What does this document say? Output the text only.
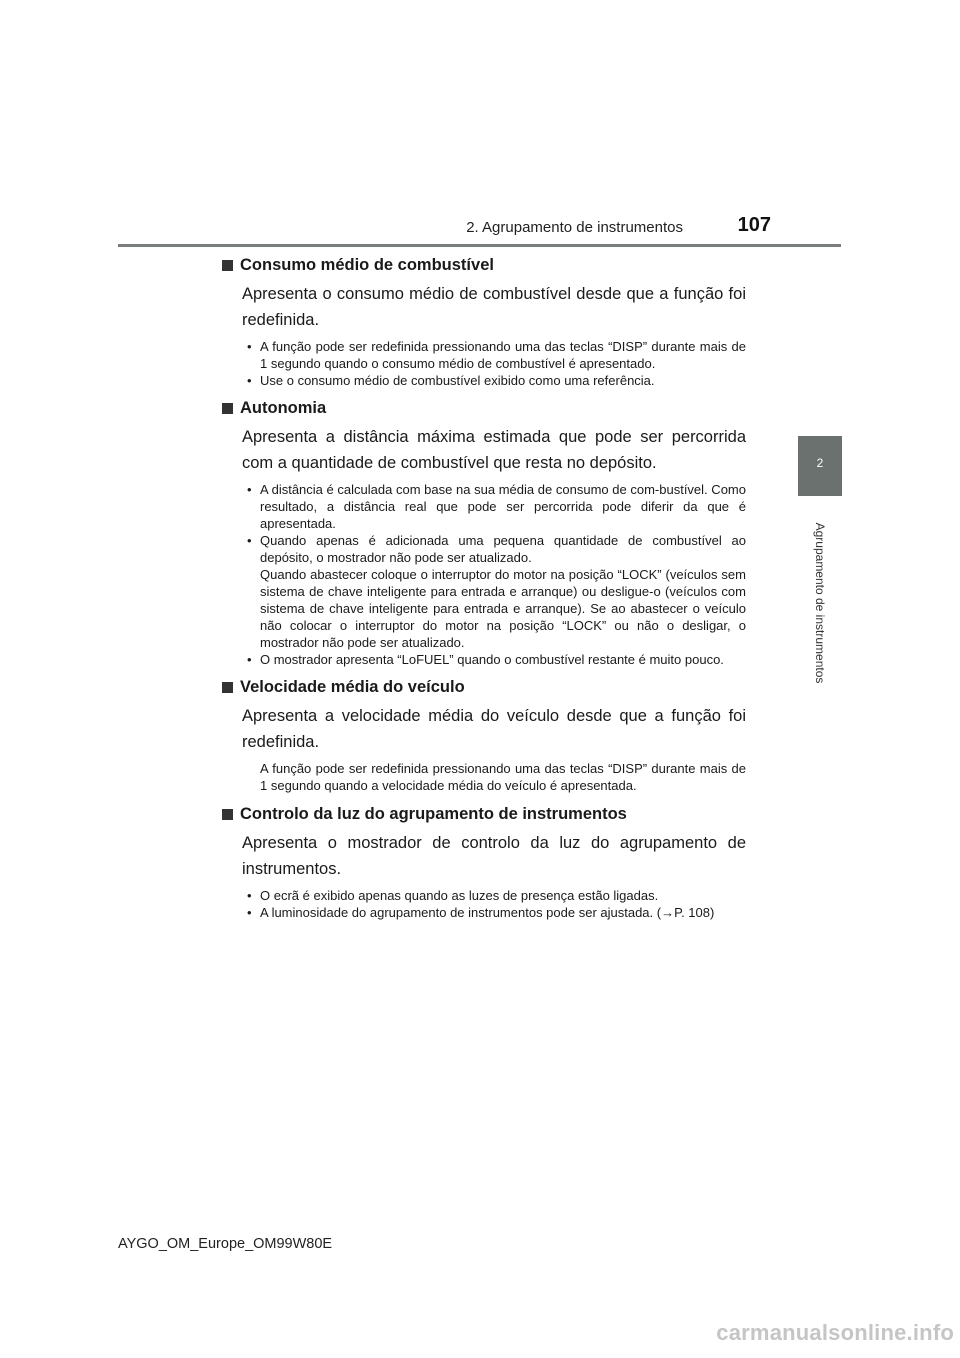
2. Agrupamento de instrumentos	107
2
Agrupamento de instrumentos
Consumo médio de combustível

Apresenta o consumo médio de combustível desde que a função foi redefinida.

• A função pode ser redefinida pressionando uma das teclas “DISP” durante mais de 1 segundo quando o consumo médio de combustível é apresentado.
• Use o consumo médio de combustível exibido como uma referência.
Autonomia

Apresenta a distância máxima estimada que pode ser percorrida com a quantidade de combustível que resta no depósito.

• A distância é calculada com base na sua média de consumo de com-bustível. Como resultado, a distância real que pode ser percorrida pode diferir da que é apresentada.
• Quando apenas é adicionada uma pequena quantidade de combustível ao depósito, o mostrador não pode ser atualizado.
Quando abastecer coloque o interruptor do motor na posição “LOCK” (veículos sem sistema de chave inteligente para entrada e arranque) ou desligue-o (veículos com sistema de chave inteligente para entrada e arranque). Se ao abastecer o veículo não colocar o interruptor do motor na posição “LOCK” ou não o desligar, o mostrador não pode ser atualizado.
• O mostrador apresenta “LoFUEL” quando o combustível restante é muito pouco.
Velocidade média do veículo

Apresenta a velocidade média do veículo desde que a função foi redefinida.

A função pode ser redefinida pressionando uma das teclas “DISP” durante mais de 1 segundo quando a velocidade média do veículo é apresentada.

Controlo da luz do agrupamento de instrumentos

Apresenta o mostrador de controlo da luz do agrupamento de instrumentos.

• O ecrã é exibido apenas quando as luzes de presença estão ligadas.
• A luminosidade do agrupamento de instrumentos pode ser ajustada. (→P. 108)
AYGO_OM_Europe_OM99W80E
carmanualsonline.info
